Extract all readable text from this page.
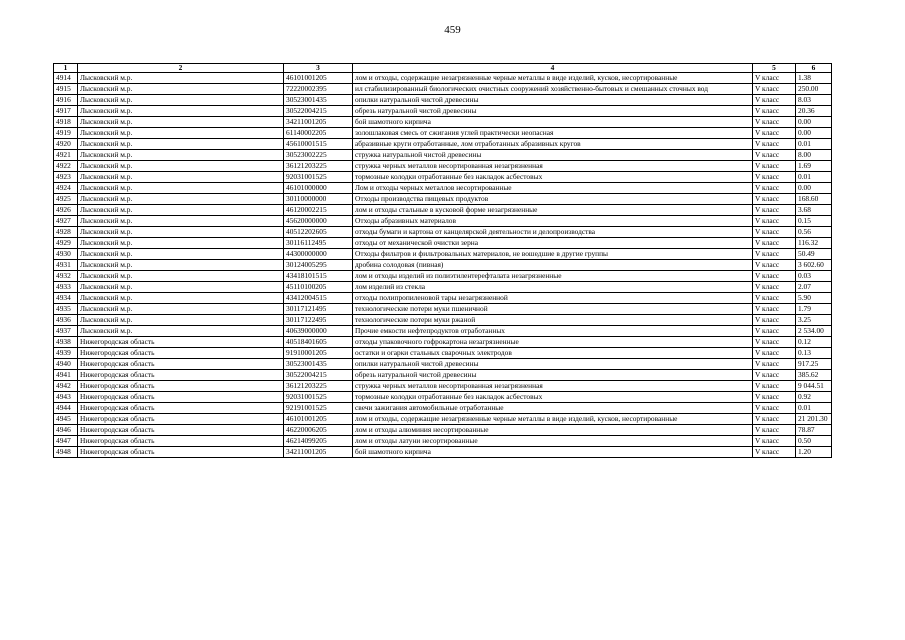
459
1	2	3	4	5	6
4914	Лысковский м.р.	46101001205	лом и отходы, содержащие незагрязненные черные металлы в виде изделий, кусков, несортированные	V класс	1.38
4915	Лысковский м.р.	72220002395	ил стабилизированный биологических очистных сооружений хозяйственно-бытовых и смешанных сточных вод	V класс	250.00
4916	Лысковский м.р.	30523001435	опилки натуральной чистой древесины	V класс	8.03
4917	Лысковский м.р.	30522004215	обрезь натуральной чистой древесины	V класс	20.36
4918	Лысковский м.р.	34211001205	бой шамотного кирпича	V класс	0.00
4919	Лысковский м.р.	61140002205	золошлаковая смесь от сжигания углей практически неопасная	V класс	0.00
4920	Лысковский м.р.	45610001515	абразивные круги отработанные, лом отработанных абразивных кругов	V класс	0.01
4921	Лысковский м.р.	30523002225	стружка натуральной чистой древесины	V класс	8.00
4922	Лысковский м.р.	36121203225	стружка черных металлов несортированная незагрязненная	V класс	1.69
4923	Лысковский м.р.	92031001525	тормозные колодки отработанные без накладок асбестовых	V класс	0.01
4924	Лысковский м.р.	46101000000	Лом и отходы черных металлов несортированные	V класс	0.00
4925	Лысковский м.р.	30110000000	Отходы производства пищевых продуктов	V класс	168.60
4926	Лысковский м.р.	46120002215	лом и отходы стальные в кусковой форме незагрязненные	V класс	3.68
4927	Лысковский м.р.	45620000000	Отходы абразивных материалов	V класс	0.15
4928	Лысковский м.р.	40512202605	отходы бумаги и картона от канцелярской деятельности и делопроизводства	V класс	0.56
4929	Лысковский м.р.	30116112495	отходы от механической очистки зерна	V класс	116.32
4930	Лысковский м.р.	44300000000	Отходы фильтров и фильтровальных материалов, не вошедшие в другие группы	V класс	50.49
4931	Лысковский м.р.	30124005295	дробина солодовая (пивная)	V класс	3 602.60
4932	Лысковский м.р.	43418101515	лом и отходы изделий из полиэтилентерефталата незагрязненные	V класс	0.03
4933	Лысковский м.р.	45110100205	лом изделий из стекла	V класс	2.07
4934	Лысковский м.р.	43412004515	отходы полипропиленовой тары незагрязненной	V класс	5.90
4935	Лысковский м.р.	30117121495	технологические потери муки пшеничной	V класс	1.79
4936	Лысковский м.р.	30117122495	технологические потери муки ржаной	V класс	3.25
4937	Лысковский м.р.	40639000000	Прочие емкости нефтепродуктов отработанных	V класс	2 534.00
4938	Нижегородская область	40518401605	отходы упаковочного гофрокартона незагрязненные	V класс	0.12
4939	Нижегородская область	91910001205	остатки и огарки стальных сварочных электродов	V класс	0.13
4940	Нижегородская область	30523001435	опилки натуральной чистой древесины	V класс	917.25
4941	Нижегородская область	30522004215	обрезь натуральной чистой древесины	V класс	385.62
4942	Нижегородская область	36121203225	стружка черных металлов несортированная незагрязненная	V класс	9 044.51
4943	Нижегородская область	92031001525	тормозные колодки отработанные без накладок асбестовых	V класс	0.92
4944	Нижегородская область	92191001525	свечи зажигания автомобильные отработанные	V класс	0.01
4945	Нижегородская область	46101001205	лом и отходы, содержащие незагрязненные черные металлы в виде изделий, кусков, несортированные	V класс	21 201.30
4946	Нижегородская область	46220006205	лом и отходы алюминия несортированные	V класс	78.87
4947	Нижегородская область	46214099205	лом и отходы латуни несортированные	V класс	0.50
4948	Нижегородская область	34211001205	бой шамотного кирпича	V класс	1.20
